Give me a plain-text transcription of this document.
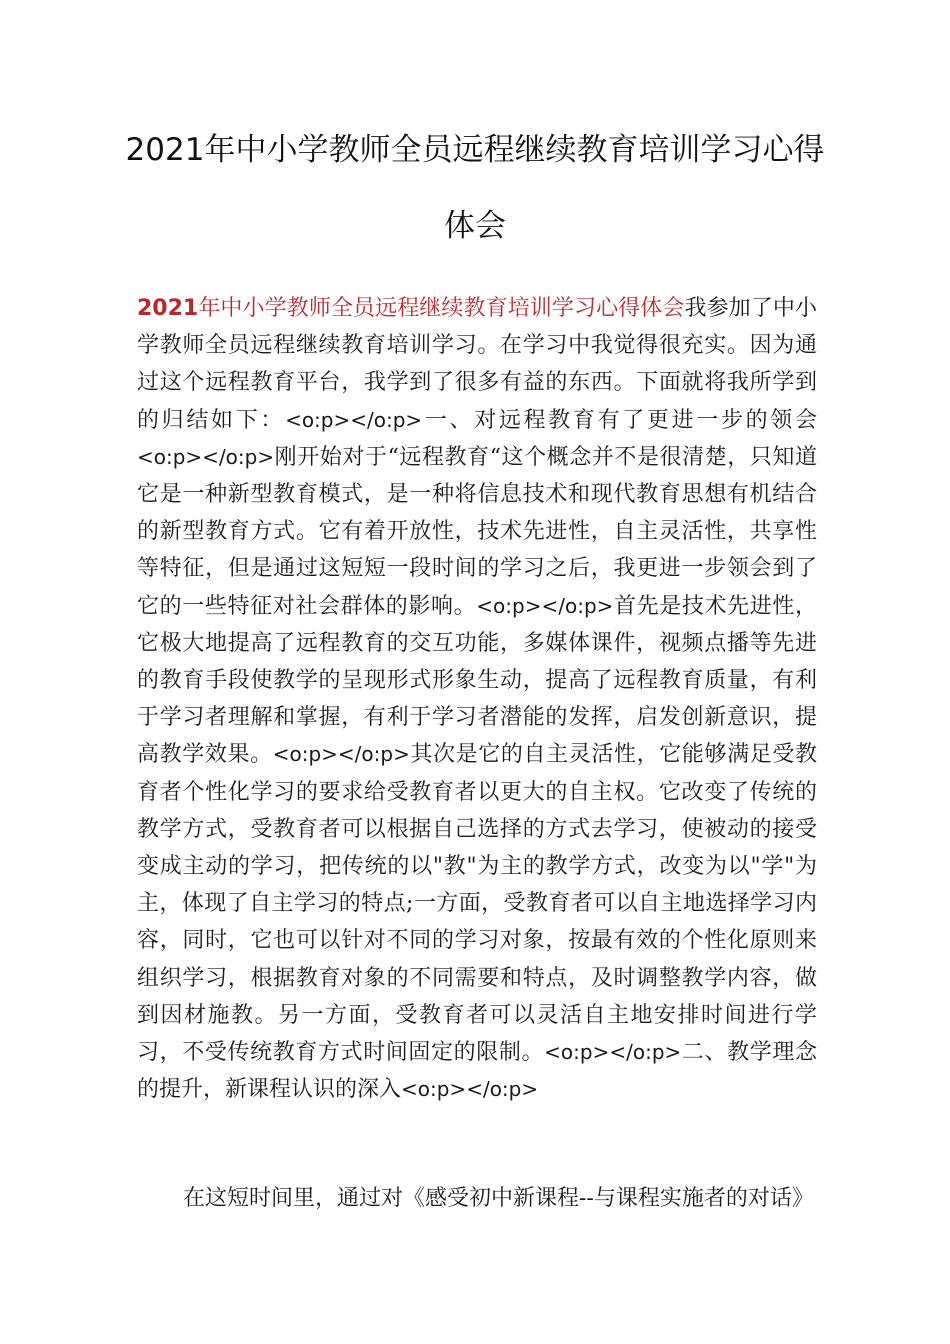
2021年中小学教师全员远程继续教育培训学习心得
体会

2021年中小学教师全员远程继续教育培训学习心得体会我参加了中小学教师全员远程继续教育培训学习。在学习中我觉得很充实。因为通过这个远程教育平台，我学到了很多有益的东西。下面就将我所学到的归结如下：<o:p></o:p>一、对远程教育有了更进一步的领会<o:p></o:p>刚开始对于“远程教育“这个概念并不是很清楚，只知道它是一种新型教育模式，是一种将信息技术和现代教育思想有机结合的新型教育方式。它有着开放性，技术先进性，自主灵活性，共享性等特征，但是通过这短短一段时间的学习之后，我更进一步领会到了它的一些特征对社会群体的影响。<o:p></o:p>首先是技术先进性，它极大地提高了远程教育的交互功能，多媒体课件，视频点播等先进的教育手段使教学的呈现形式形象生动，提高了远程教育质量，有利于学习者理解和掌握，有利于学习者潜能的发挥，启发创新意识，提高教学效果。<o:p></o:p>其次是它的自主灵活性，它能够满足受教育者个性化学习的要求给受教育者以更大的自主权。它改变了传统的教学方式，受教育者可以根据自己选择的方式去学习，使被动的接受变成主动的学习，把传统的以"教"为主的教学方式，改变为以"学"为主，体现了自主学习的特点;一方面，受教育者可以自主地选择学习内容，同时，它也可以针对不同的学习对象，按最有效的个性化原则来组织学习，根据教育对象的不同需要和特点，及时调整教学内容，做到因材施教。另一方面，受教育者可以灵活自主地安排时间进行学习，不受传统教育方式时间固定的限制。<o:p></o:p>二、教学理念的提升，新课程认识的深入<o:p></o:p>

在这短时间里，通过对《感受初中新课程--与课程实施者的对话》
